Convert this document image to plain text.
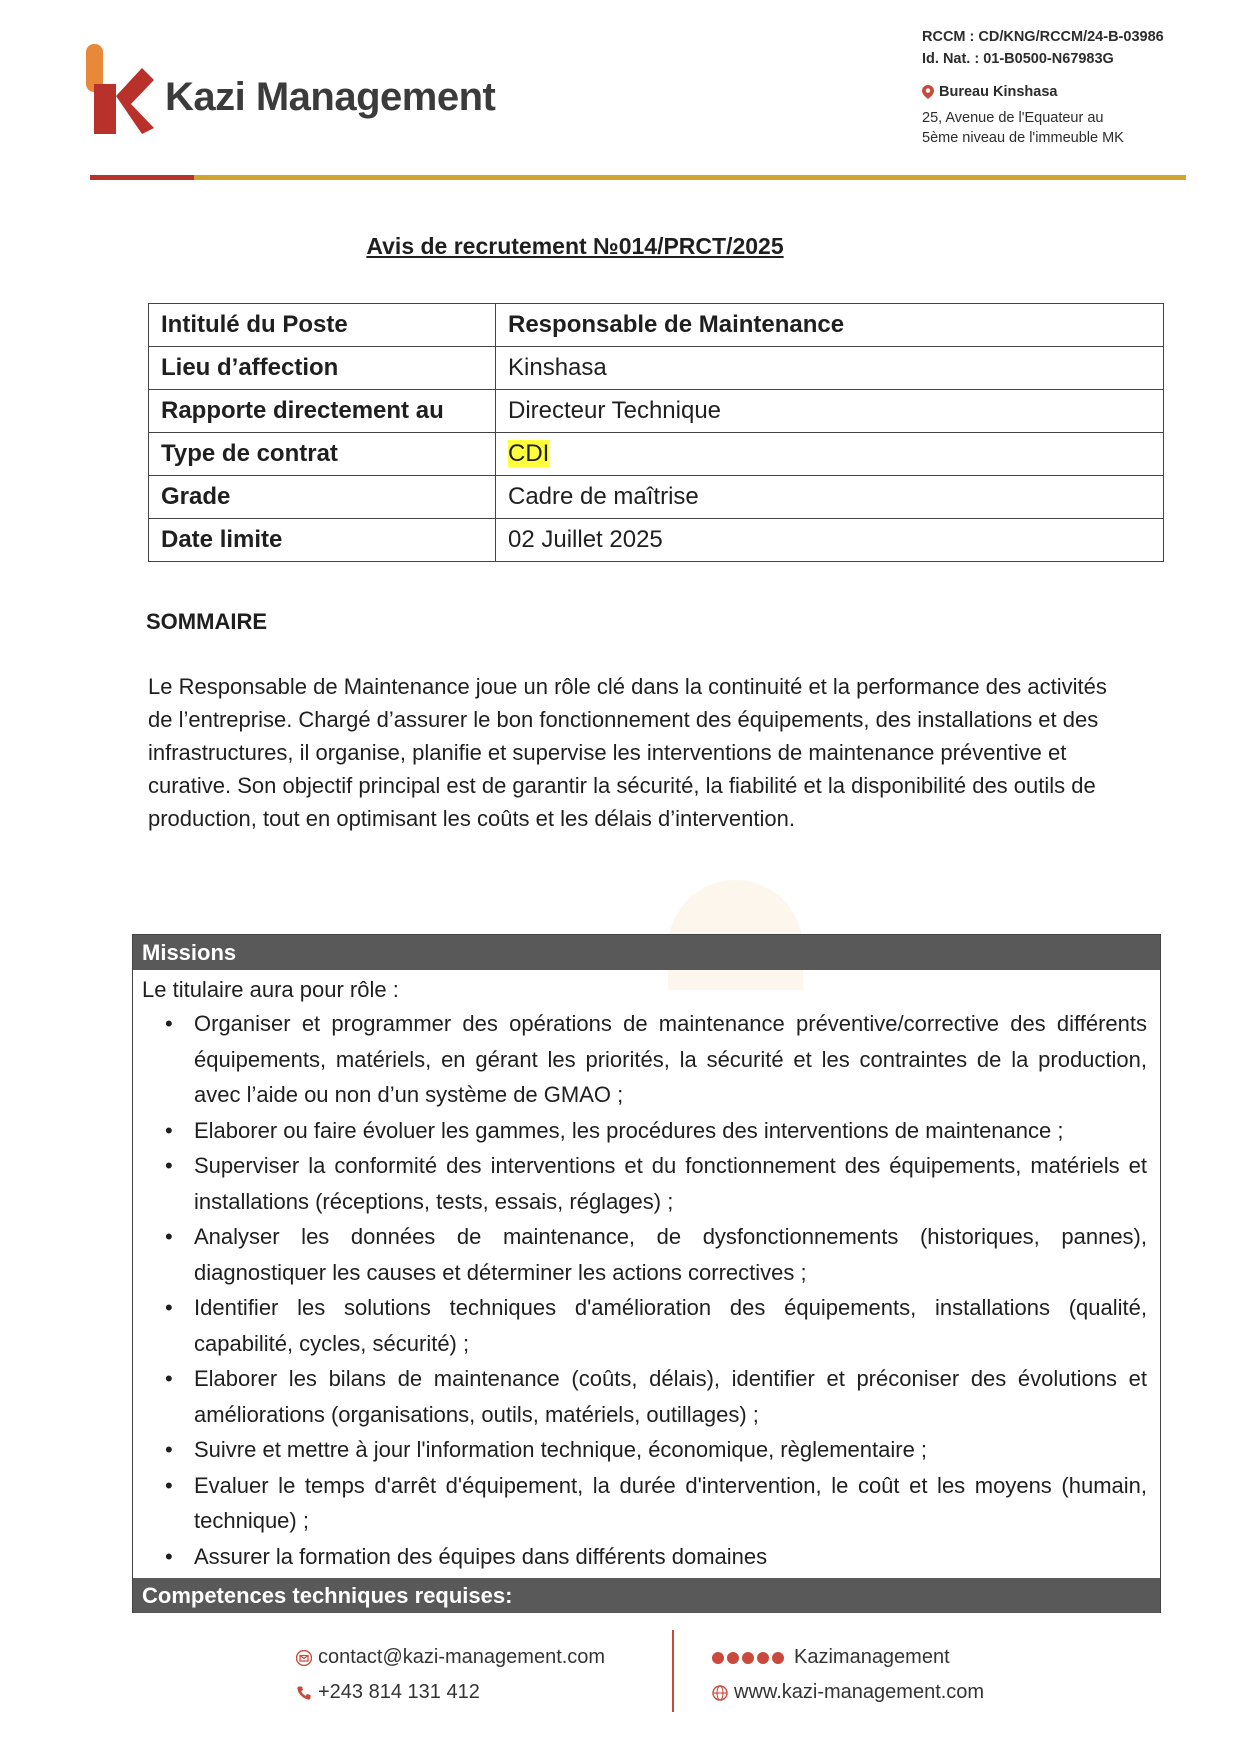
Kazi Management
RCCM : CD/KNG/RCCM/24-B-03986
Id. Nat. : 01-B0500-N67983G
Bureau Kinshasa
25, Avenue de l'Equateur au
5ème niveau de l'immeuble MK
Avis de recrutement №014/PRCT/2025
Intitulé du Poste	Responsable de Maintenance
Lieu d’affection	Kinshasa
Rapporte directement au	Directeur Technique
Type de contrat	CDI
Grade	Cadre de maîtrise
Date limite	02 Juillet 2025
SOMMAIRE
Le Responsable de Maintenance joue un rôle clé dans la continuité et la performance des activités de l’entreprise. Chargé d’assurer le bon fonctionnement des équipements, des installations et des infrastructures, il organise, planifie et supervise les interventions de maintenance préventive et curative. Son objectif principal est de garantir la sécurité, la fiabilité et la disponibilité des outils de production, tout en optimisant les coûts et les délais d’intervention.
Missions
Le titulaire aura pour rôle :
• Organiser et programmer des opérations de maintenance préventive/corrective des différents équipements, matériels, en gérant les priorités, la sécurité et les contraintes de la production, avec l’aide ou non d’un système de GMAO ;
• Elaborer ou faire évoluer les gammes, les procédures des interventions de maintenance ;
• Superviser la conformité des interventions et du fonctionnement des équipements, matériels et installations (réceptions, tests, essais, réglages) ;
• Analyser les données de maintenance, de dysfonctionnements (historiques, pannes), diagnostiquer les causes et déterminer les actions correctives ;
• Identifier les solutions techniques d'amélioration des équipements, installations (qualité, capabilité, cycles, sécurité) ;
• Elaborer les bilans de maintenance (coûts, délais), identifier et préconiser des évolutions et améliorations (organisations, outils, matériels, outillages) ;
• Suivre et mettre à jour l'information technique, économique, règlementaire ;
• Evaluer le temps d'arrêt d'équipement, la durée d'intervention, le coût et les moyens (humain, technique) ;
• Assurer la formation des équipes dans différents domaines
Competences techniques requises:
contact@kazi-management.com
+243 814 131 412
Kazimanagement
www.kazi-management.com
